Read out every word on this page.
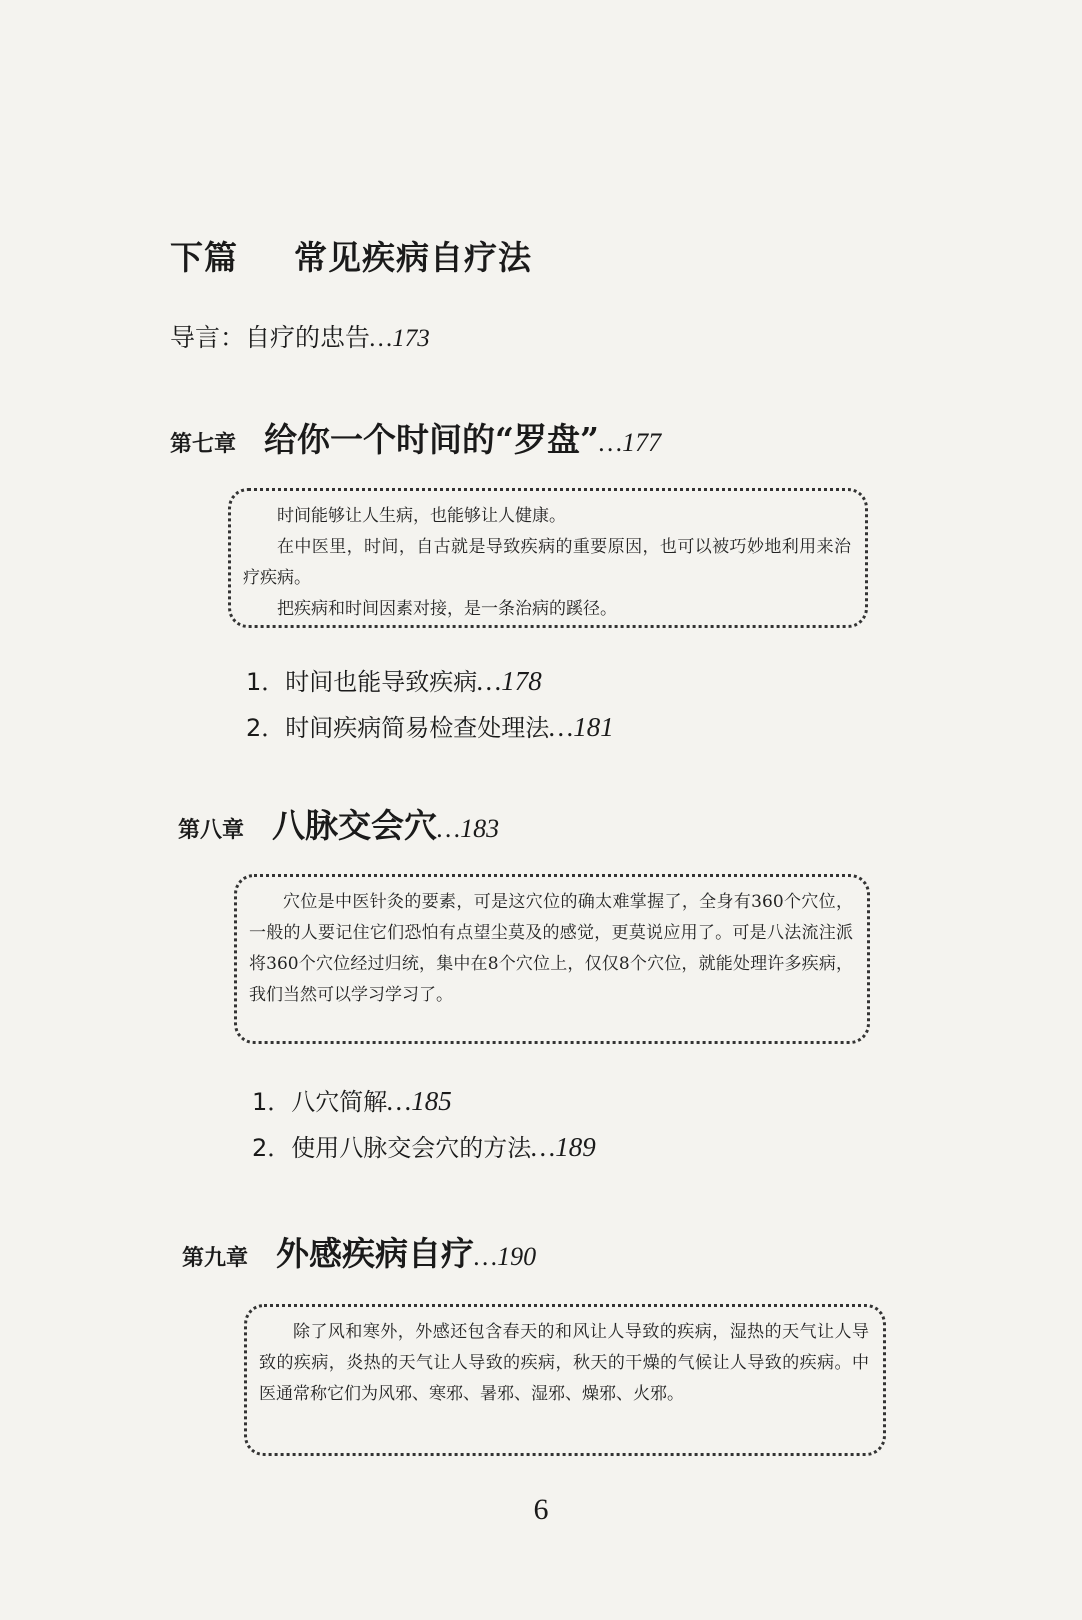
下篇	常见疾病自疗法
导言：自疗的忠告…173
第七章 给你一个时间的“罗盘”…177

时间能够让人生病，也能够让人健康。

在中医里，时间，自古就是导致疾病的重要原因，也可以被巧妙地利用来治疗疾病。

把疾病和时间因素对接，是一条治病的蹊径。

1．时间也能导致疾病…178
2．时间疾病简易检查处理法…181
第八章 八脉交会穴…183

穴位是中医针灸的要素，可是这穴位的确太难掌握了，全身有360个穴位，一般的人要记住它们恐怕有点望尘莫及的感觉，更莫说应用了。可是八法流注派将360个穴位经过归统，集中在8个穴位上，仅仅8个穴位，就能处理许多疾病，我们当然可以学习学习了。

1．八穴简解…185
2．使用八脉交会穴的方法…189
第九章 外感疾病自疗…190

除了风和寒外，外感还包含春天的和风让人导致的疾病，湿热的天气让人导致的疾病，炎热的天气让人导致的疾病，秋天的干燥的气候让人导致的疾病。中医通常称它们为风邪、寒邪、暑邪、湿邪、燥邪、火邪。

6
